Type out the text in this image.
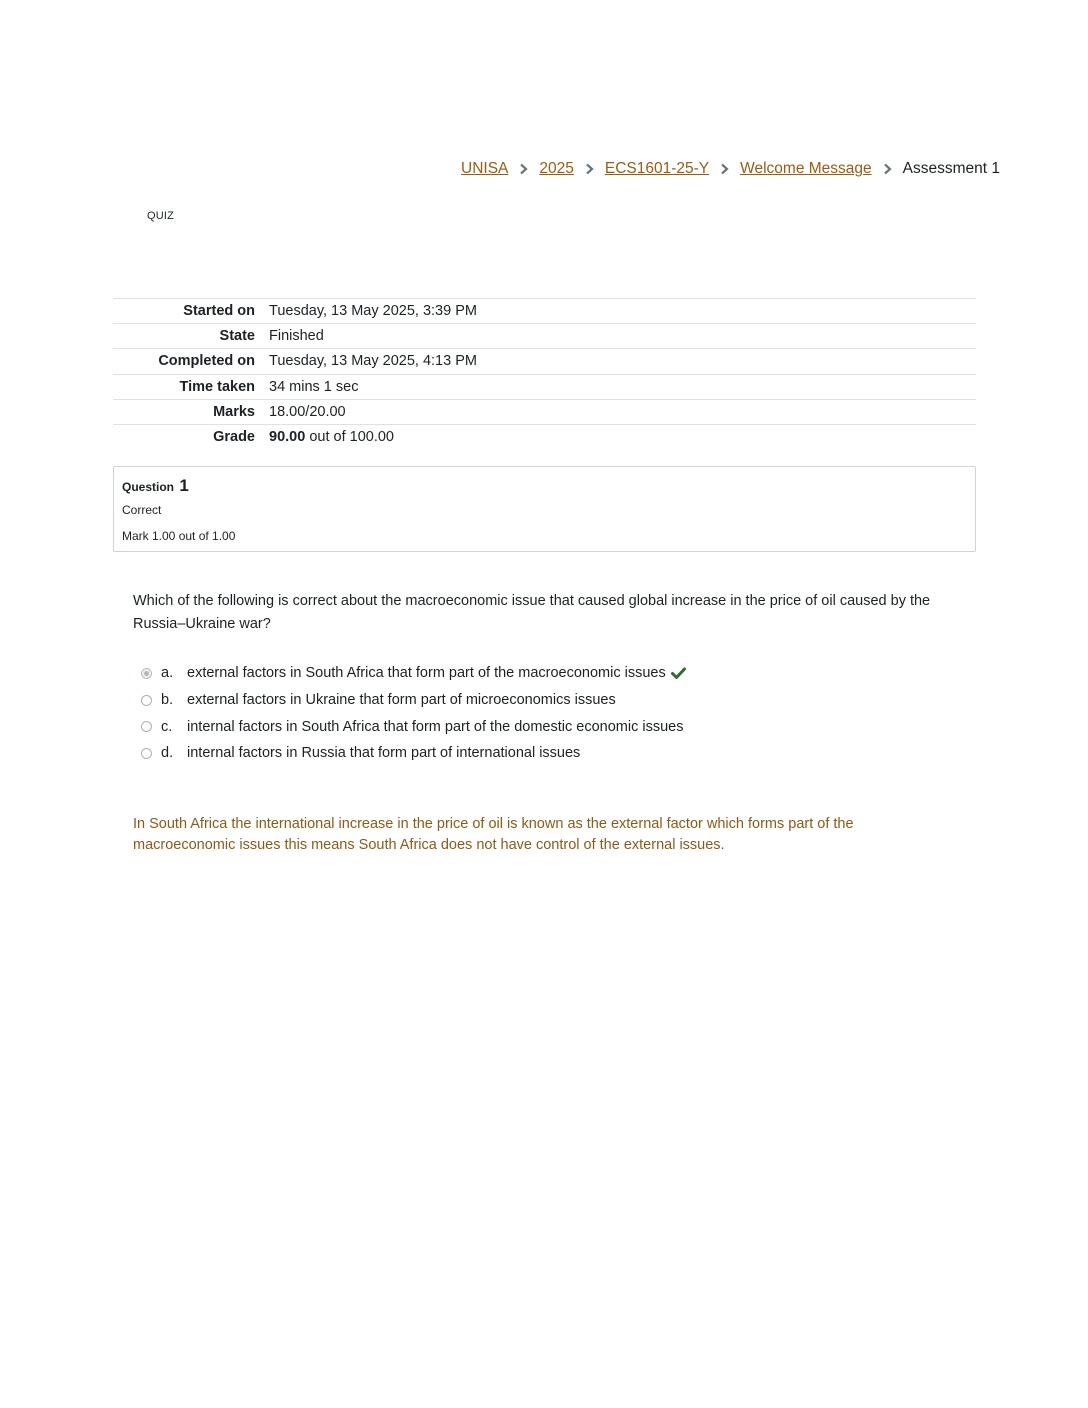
UNISA 2025 ECS1601-25-Y Welcome Message Assessment 1
QUIZ
Started on	Tuesday, 13 May 2025, 3:39 PM
State	Finished
Completed on	Tuesday, 13 May 2025, 4:13 PM
Time taken	34 mins 1 sec
Marks	18.00/20.00
Grade	90.00 out of 100.00
Question 1
Correct
Mark 1.00 out of 1.00
Which of the following is correct about the macroeconomic issue that caused global increase in the price of oil caused by the Russia–Ukraine war?
a. external factors in South Africa that form part of the macroeconomic issues
b. external factors in Ukraine that form part of microeconomics issues
c.	internal factors in South Africa that form part of the domestic economic issues
d. internal factors in Russia that form part of international issues
In South Africa the international increase in the price of oil is known as the external factor which forms part of the macroeconomic issues this means South Africa does not have control of the external issues.
